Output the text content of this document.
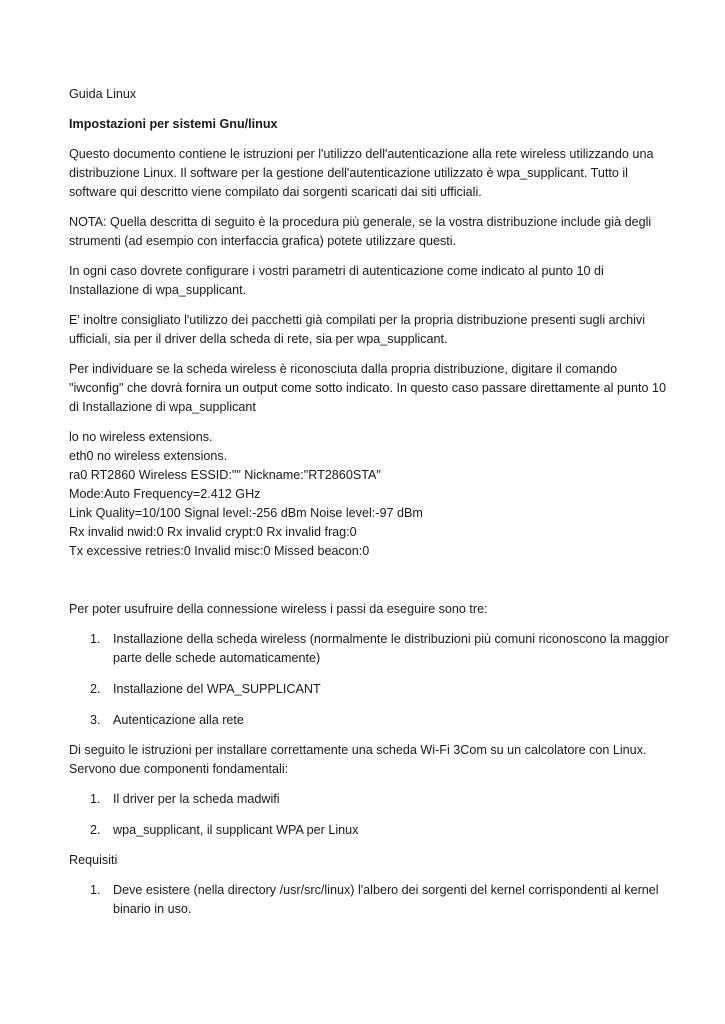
Guida Linux

Impostazioni per sistemi Gnu/linux

Questo documento contiene le istruzioni per l'utilizzo dell'autenticazione alla rete wireless utilizzando una distribuzione Linux. Il software per la gestione dell'autenticazione utilizzato è wpa_supplicant. Tutto il software qui descritto viene compilato dai sorgenti scaricati dai siti ufficiali.

NOTA: Quella descritta di seguito è la procedura più generale, se la vostra distribuzione include già degli strumenti (ad esempio con interfaccia grafica) potete utilizzare questi.

In ogni caso dovrete configurare i vostri parametri di autenticazione come indicato al punto 10 di Installazione di wpa_supplicant.

E' inoltre consigliato l'utilizzo dei pacchetti già compilati per la propria distribuzione presenti sugli archivi ufficiali, sia per il driver della scheda di rete, sia per wpa_supplicant.

Per individuare se la scheda wireless è riconosciuta dalla propria distribuzione, digitare il comando "iwconfig" che dovrà fornira un output come sotto indicato. In questo caso passare direttamente al punto 10 di Installazione di wpa_supplicant

lo no wireless extensions.

eth0 no wireless extensions.

ra0 RT2860 Wireless ESSID:"" Nickname:"RT2860STA"

Mode:Auto Frequency=2.412 GHz

Link Quality=10/100 Signal level:-256 dBm Noise level:-97 dBm

Rx invalid nwid:0 Rx invalid crypt:0 Rx invalid frag:0

Tx excessive retries:0 Invalid misc:0 Missed beacon:0

Per poter usufruire della connessione wireless i passi da eseguire sono tre:

1. Installazione della scheda wireless (normalmente le distribuzioni più comuni riconoscono la maggior parte delle schede automaticamente)
2. Installazione del WPA_SUPPLICANT
3. Autenticazione alla rete

Di seguito le istruzioni per installare correttamente una scheda Wi-Fi 3Com su un calcolatore con Linux. Servono due componenti fondamentali:

1. Il driver per la scheda madwifi
2. wpa_supplicant, il supplicant WPA per Linux

Requisiti

1. Deve esistere (nella directory /usr/src/linux) l'albero dei sorgenti del kernel corrispondenti al kernel binario in uso.
